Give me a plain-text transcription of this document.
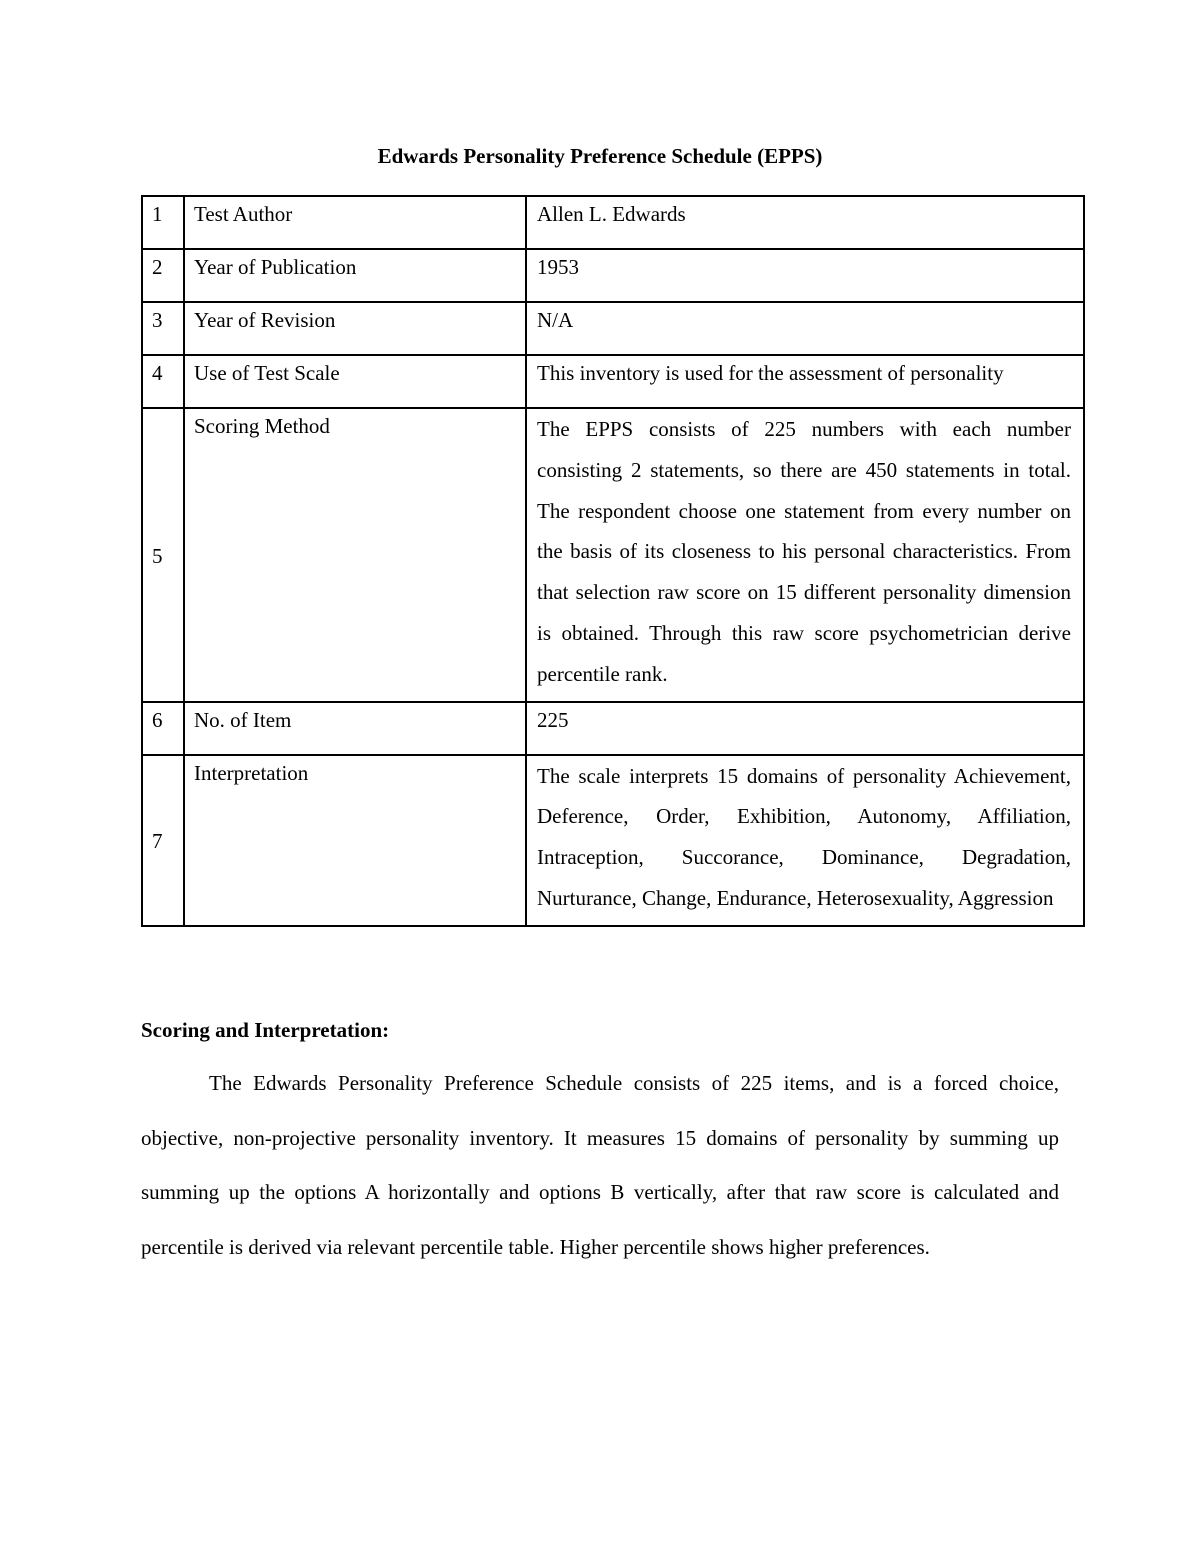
Edwards Personality Preference Schedule (EPPS)
1	Test Author	Allen L. Edwards

2	Year of Publication	1953

3	Year of Revision	N/A

4	Use of Test Scale	This inventory is used for the assessment of personality

5	Scoring Method	The EPPS consists of 225 numbers with each number consisting 2 statements, so there are 450 statements in total. The respondent choose one statement from every number on the basis of its closeness to his personal characteristics. From that selection raw score on 15 different personality dimension is obtained. Through this raw score psychometrician derive percentile rank.

6	No. of Item	225

7	Interpretation	The scale interprets 15 domains of personality Achievement, Deference, Order, Exhibition, Autonomy, Affiliation, Intraception, Succorance, Dominance, Degradation, Nurturance, Change, Endurance, Heterosexuality, Aggression
Scoring and Interpretation:

The Edwards Personality Preference Schedule consists of 225 items, and is a forced choice, objective, non-projective personality inventory. It measures 15 domains of personality by summing up summing up the options A horizontally and options B vertically, after that raw score is calculated and percentile is derived via relevant percentile table. Higher percentile shows higher preferences.
